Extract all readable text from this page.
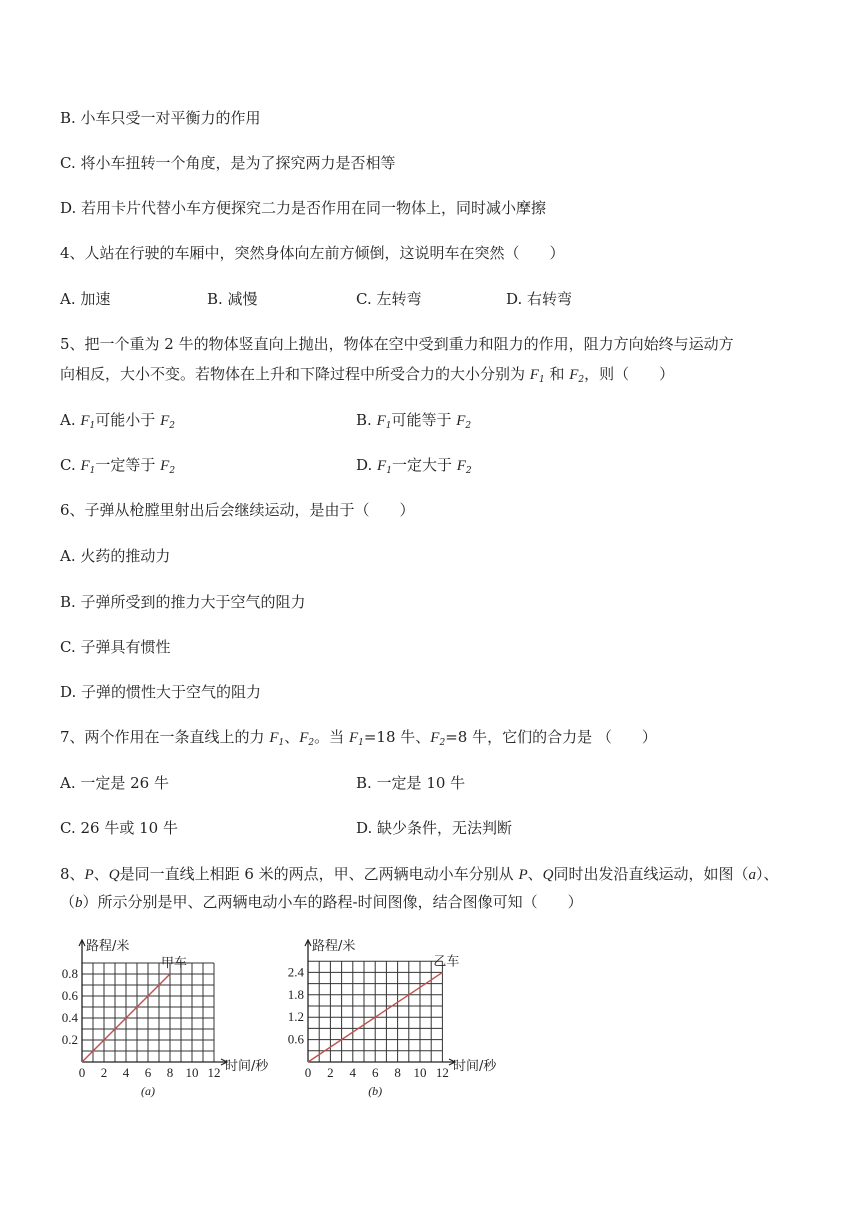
B. 小车只受一对平衡力的作用
C. 将小车扭转一个角度，是为了探究两力是否相等
D. 若用卡片代替小车方便探究二力是否作用在同一物体上，同时减小摩擦
4、人站在行驶的车厢中，突然身体向左前方倾倒，这说明车在突然（　　）
A. 加速	B. 减慢	C. 左转弯	D. 右转弯
5、把一个重为 2 牛的物体竖直向上抛出，物体在空中受到重力和阻力的作用，阻力方向始终与运动方
向相反，大小不变。若物体在上升和下降过程中所受合力的大小分别为 $F_1$ 和 $F_2$，则（　　）
A. $F_1$可能小于 $F_2$	B. $F_1$可能等于 $F_2$
C. $F_1$一定等于 $F_2$	D. $F_1$一定大于 $F_2$
6、子弹从枪膛里射出后会继续运动，是由于（　　）
A. 火药的推动力
B. 子弹所受到的推力大于空气的阻力
C. 子弹具有惯性
D. 子弹的惯性大于空气的阻力
7、两个作用在一条直线上的力 $F_1$、$F_2$。当 $F_1=18$ 牛、$F_2=8$ 牛，它们的合力是 （　　）
A. 一定是 26 牛	B. 一定是 10 牛
C. 26 牛或 10 牛	D. 缺少条件，无法判断
8、P、Q是同一直线上相距 6 米的两点，甲、乙两辆电动小车分别从 P、Q同时出发沿直线运动，如图（a）、
（b）所示分别是甲、乙两辆电动小车的路程-时间图像，结合图像可知（　　）
0 2 4 6 8 10 12
0.2
0.4
0.6
0.8
路程/米
时间/秒
甲车
(a)
0 2 4 6 8 10 12
0.6
1.2
1.8
2.4
路程/米
时间/秒
乙车
(b)
